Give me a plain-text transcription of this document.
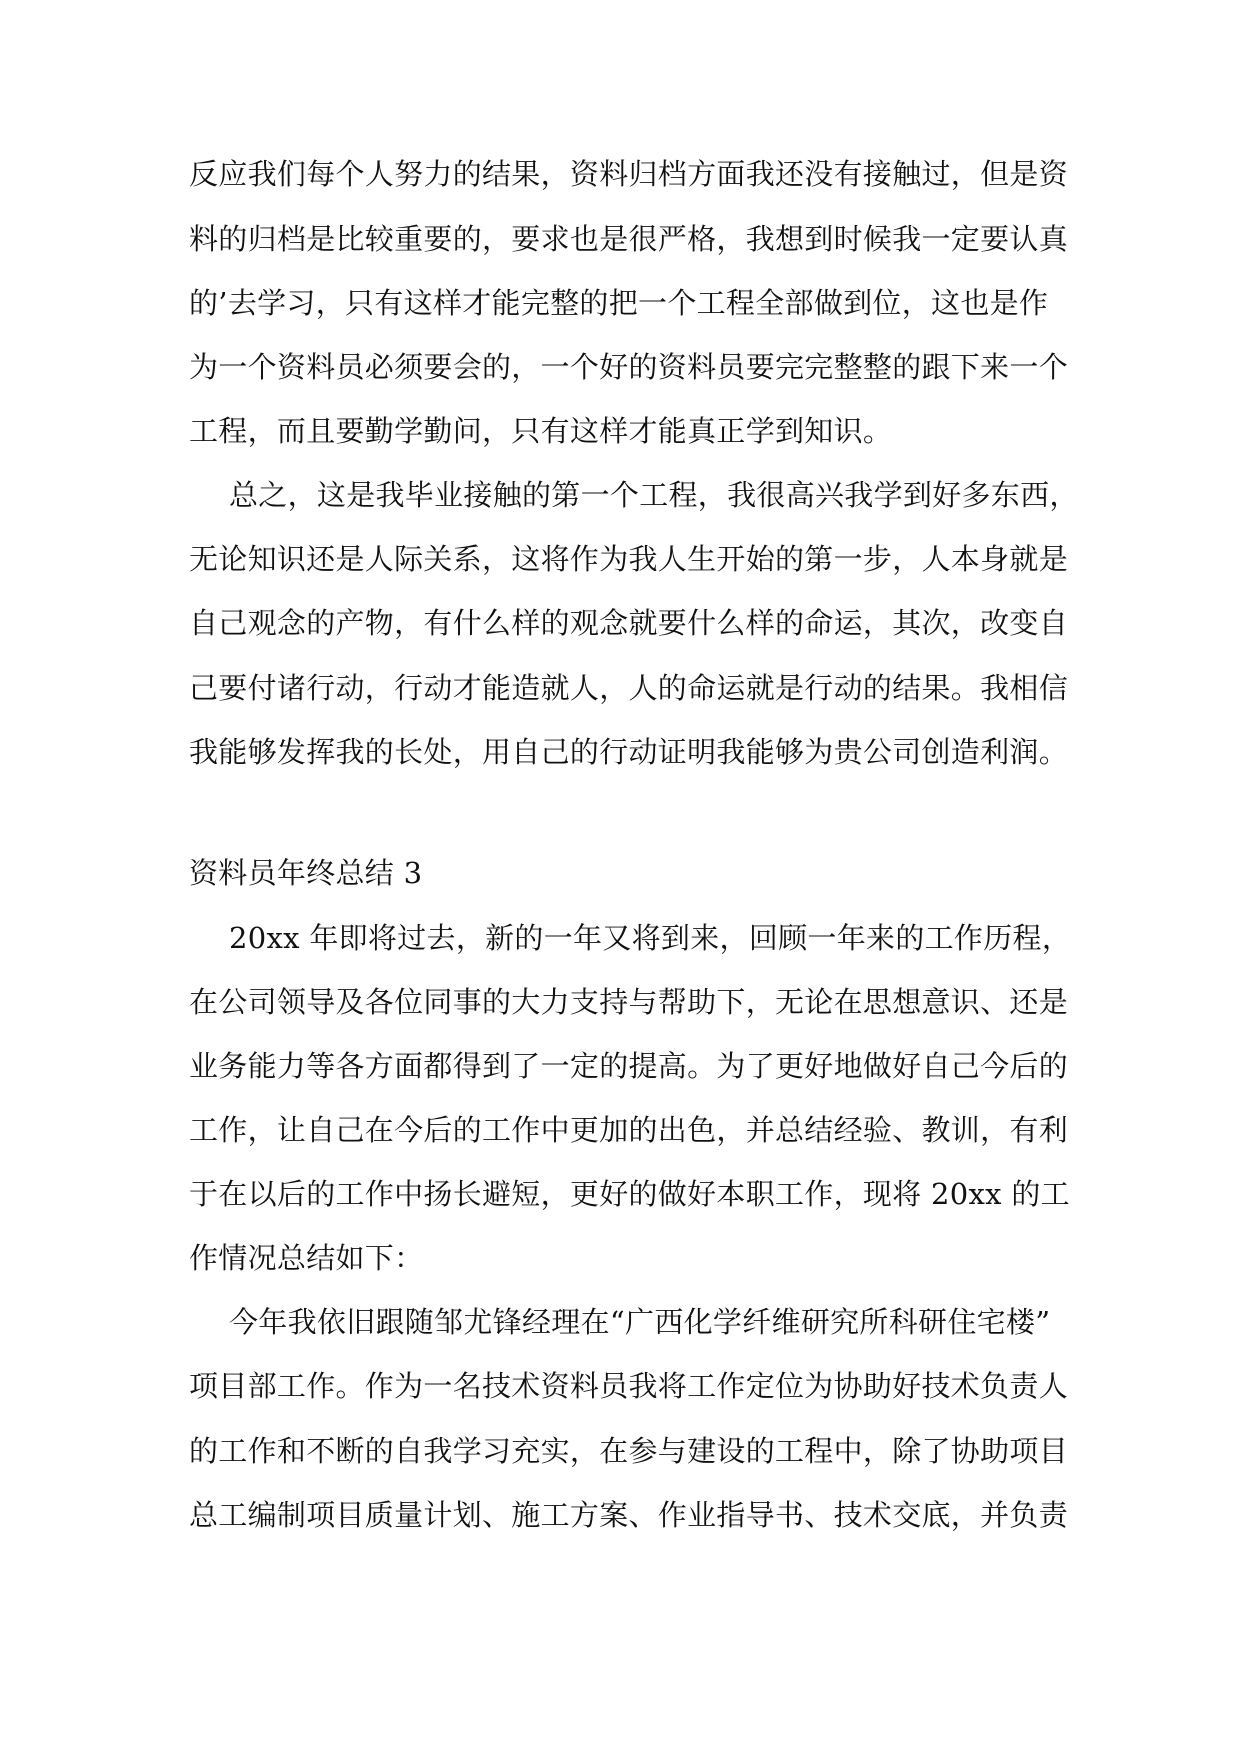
反应我们每个人努力的结果，资料归档方面我还没有接触过，但是资
料的归档是比较重要的，要求也是很严格，我想到时候我一定要认真
的’去学习，只有这样才能完整的把一个工程全部做到位，这也是作
为一个资料员必须要会的，一个好的资料员要完完整整的跟下来一个
工程，而且要勤学勤问，只有这样才能真正学到知识。
总之，这是我毕业接触的第一个工程，我很高兴我学到好多东西，
无论知识还是人际关系，这将作为我人生开始的第一步，人本身就是
自己观念的产物，有什么样的观念就要什么样的命运，其次，改变自
己要付诸行动，行动才能造就人，人的命运就是行动的结果。我相信
我能够发挥我的长处，用自己的行动证明我能够为贵公司创造利润。
资料员年终总结 3
20xx 年即将过去，新的一年又将到来，回顾一年来的工作历程，
在公司领导及各位同事的大力支持与帮助下，无论在思想意识、还是
业务能力等各方面都得到了一定的提高。为了更好地做好自己今后的
工作，让自己在今后的工作中更加的出色，并总结经验、教训，有利
于在以后的工作中扬长避短，更好的做好本职工作，现将 20xx 的工
作情况总结如下：
今年我依旧跟随邹尤锋经理在“广西化学纤维研究所科研住宅楼”
项目部工作。作为一名技术资料员我将工作定位为协助好技术负责人
的工作和不断的自我学习充实，在参与建设的工程中，除了协助项目
总工编制项目质量计划、施工方案、作业指导书、技术交底，并负责
